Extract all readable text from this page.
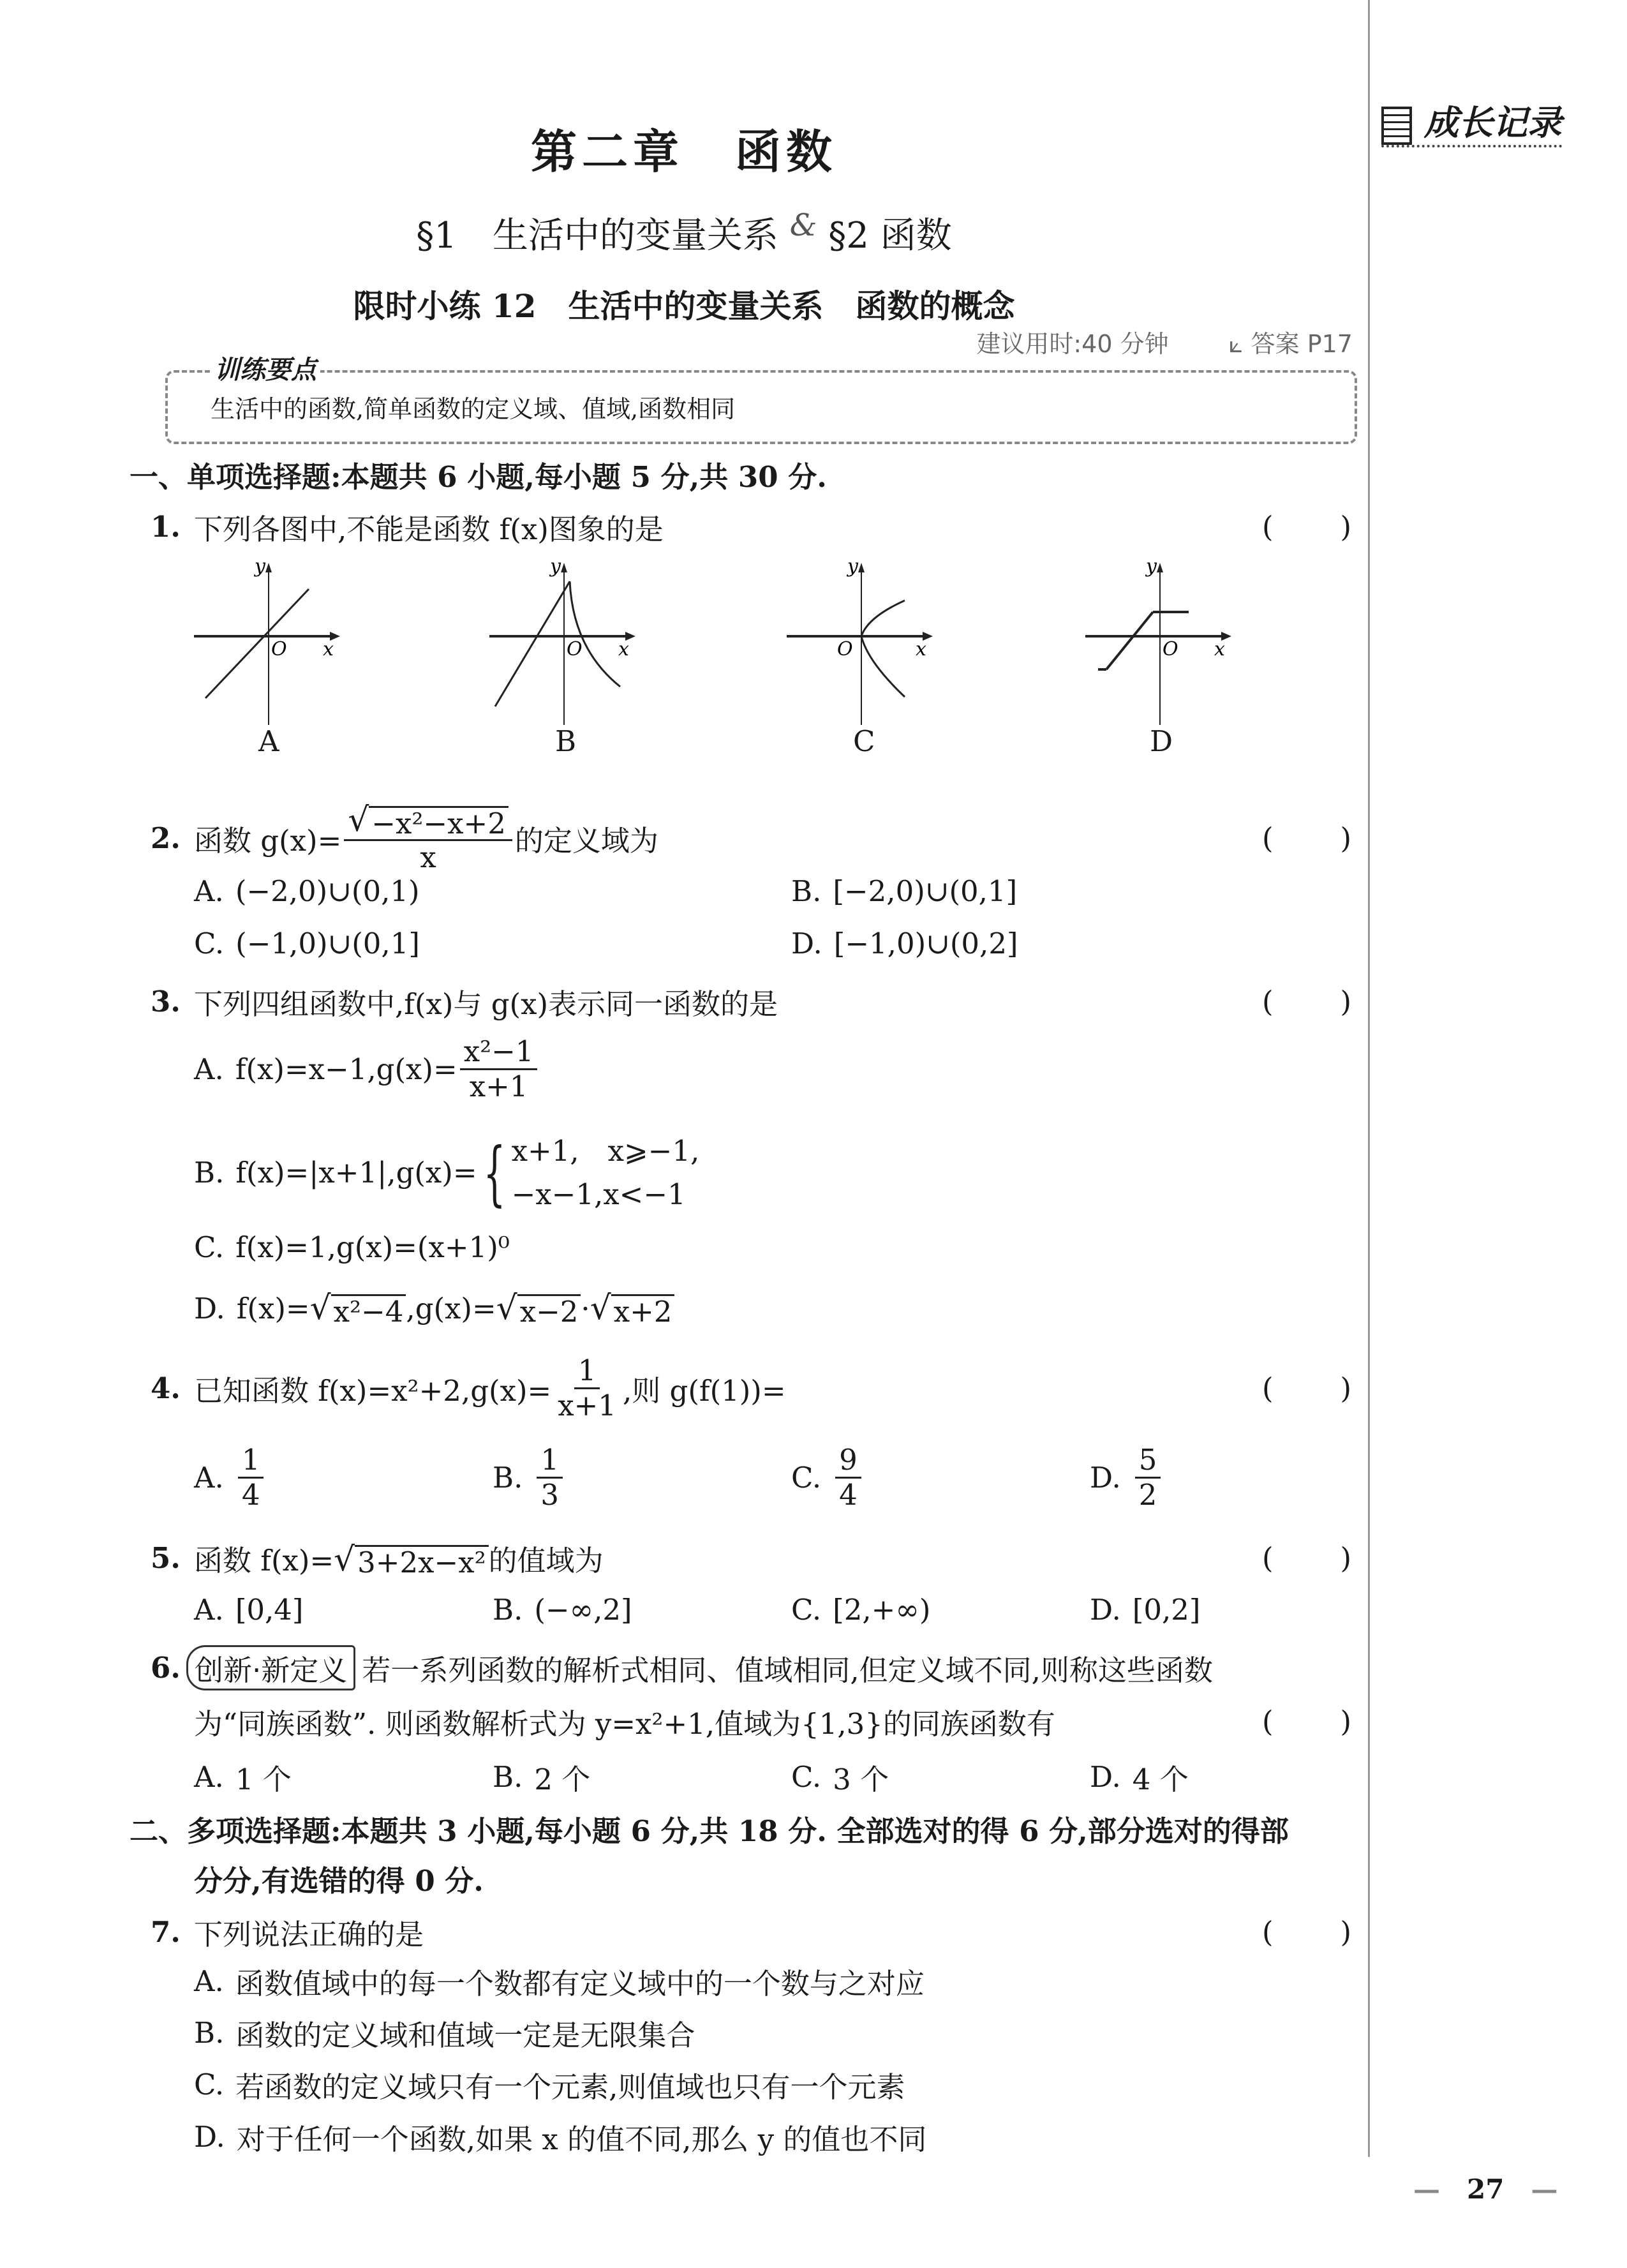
第二章　函数
§1　生活中的变量关系 & §2 函数
限时小练 12　生活中的变量关系　函数的概念
建议用时:40 分钟 ⟀ 答案 P17
成长记录
—　27　—
训练要点
生活中的函数,简单函数的定义域、值域,函数相同
一、单项选择题:本题共 6 小题,每小题 5 分,共 30 分.
1. 下列各图中,不能是函数 f(x)图象的是	( )
x
y
O	x
y
O	x
y
O	x
y
O
A	B	C	D
2. 函数 $g(x)= \frac{\text{√ −x²−x+2}}{x}$ 的定义域为	( )
A. (−2,0)∪(0,1)	B. [−2,0)∪(0,1]
C. (−1,0)∪(0,1]	D. [−1,0)∪(0,2]
3. 下列四组函数中,f(x)与 g(x)表示同一函数的是	( )
A. $f(x)=x-1,g(x)= \frac{\text{x²−1}}{x+1}$
B. f(x)=|x+1|,g(x)= { x+1,　x⩾−1,
−x−1,x<−1
C. f(x)=1,g(x)=(x+1)⁰
D. f(x)= √ x²−4 ,g(x)= √ x−2 · √ x+2
4. 已知函数 $f(x)=x^2+2,g(x)= \frac{1}{x+1}$ ,则 g(f(1))=	( )
A. $\frac{1}{4}$	B. $\frac{1}{3}$	C. $\frac{9}{4}$	D. $\frac{5}{2}$
5. 函数 f(x)= √ 3+2x−x² 的值域为	( )
A. [0,4]	B. (−∞,2]	C. [2,+∞)	D. [0,2]
6. 创新·新定义 若一系列函数的解析式相同、值域相同,但定义域不同,则称这些函数
为“同族函数”. 则函数解析式为 y=x²+1,值域为{1,3}的同族函数有	( )
A. 1 个	B. 2 个	C. 3 个	D. 4 个
二、多项选择题:本题共 3 小题,每小题 6 分,共 18 分. 全部选对的得 6 分,部分选对的得部
分分,有选错的得 0 分.
7. 下列说法正确的是	( )
A. 函数值域中的每一个数都有定义域中的一个数与之对应
B. 函数的定义域和值域一定是无限集合
C. 若函数的定义域只有一个元素,则值域也只有一个元素
D. 对于任何一个函数,如果 x 的值不同,那么 y 的值也不同
